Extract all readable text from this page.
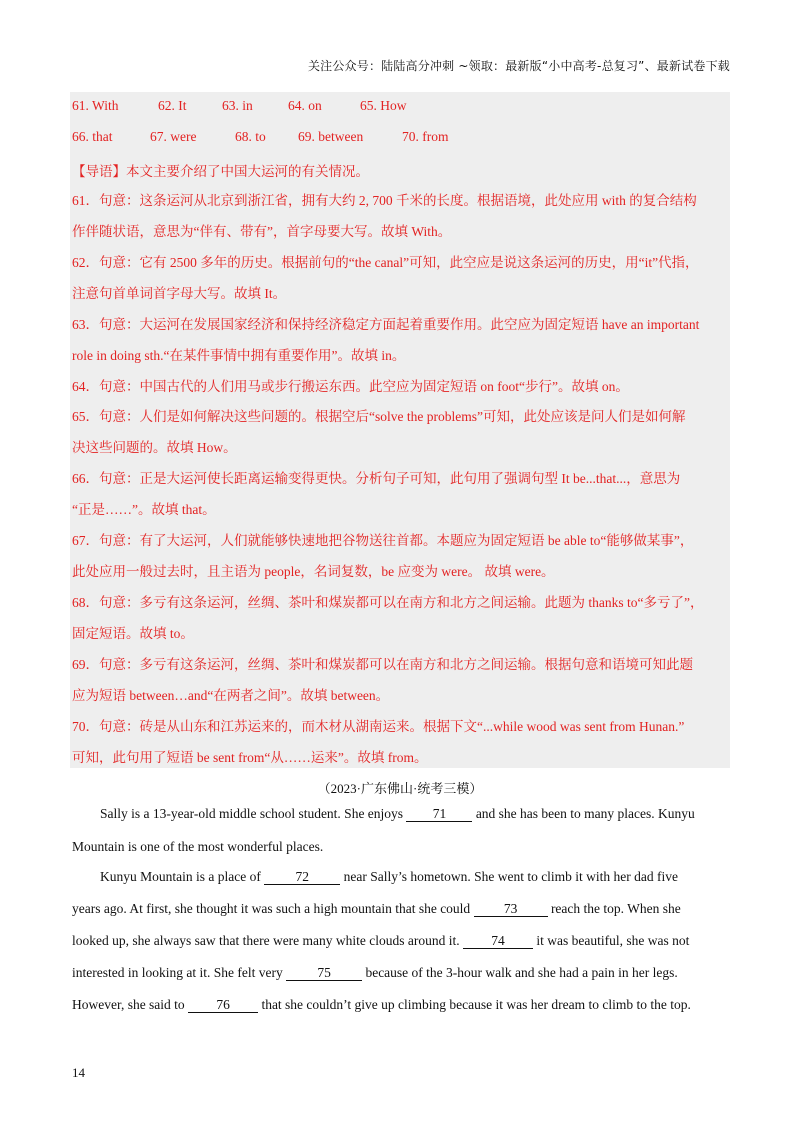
关注公众号：陆陆高分冲刺 ~领取：最新版“小中高考-总复习”、最新试卷下载
61. With	62. It	63. in	64. on	65. How
66. that	67. were	68. to 69. between	70. from
【导语】本文主要介绍了中国大运河的有关情况。
61．句意：这条运河从北京到浙江省，拥有大约 2, 700 千米的长度。根据语境，此处应用 with 的复合结构
作伴随状语，意思为“伴有、带有”，首字母要大写。故填 With。
62．句意：它有 2500 多年的历史。根据前句的“the canal”可知，此空应是说这条运河的历史，用“it”代指，
注意句首单词首字母大写。故填 It。
63．句意：大运河在发展国家经济和保持经济稳定方面起着重要作用。此空应为固定短语 have an important
role in doing sth.“在某件事情中拥有重要作用”。故填 in。
64．句意：中国古代的人们用马或步行搬运东西。此空应为固定短语 on foot“步行”。故填 on。
65．句意：人们是如何解决这些问题的。根据空后“solve the problems”可知，此处应该是问人们是如何解
决这些问题的。故填 How。
66．句意：正是大运河使长距离运输变得更快。分析句子可知，此句用了强调句型 It be...that...，意思为
“正是……”。故填 that。
67．句意：有了大运河，人们就能够快速地把谷物送往首都。本题应为固定短语 be able to“能够做某事”，
此处应用一般过去时，且主语为 people，名词复数，be 应变为 were。 故填 were。
68．句意：多亏有这条运河，丝绸、茶叶和煤炭都可以在南方和北方之间运输。此题为 thanks to“多亏了”，
固定短语。故填 to。
69．句意：多亏有这条运河，丝绸、茶叶和煤炭都可以在南方和北方之间运输。根据句意和语境可知此题
应为短语 between…and“在两者之间”。故填 between。
70．句意：砖是从山东和江苏运来的，而木材从湖南运来。根据下文“...while wood was sent from Hunan.”
可知，此句用了短语 be sent from“从……运来”。故填 from。
（2023·广东佛山·统考三模）
Sally is a 13-year-old middle school student. She enjoys 71 and she has been to many places. Kunyu
Mountain is one of the most wonderful places.
Kunyu Mountain is a place of	72	near Sally’s hometown. She went to climb it with her dad five
years ago. At first, she thought it was such a high mountain that she could 73 reach the top. When she
looked up, she always saw that there were many white clouds around it. 74 it was beautiful, she was not
interested in looking at it. She felt very	75	because of the 3-hour walk and she had a pain in her legs.
However, she said to 76 that she couldn’t give up climbing because it was her dream to climb to the top.
14
